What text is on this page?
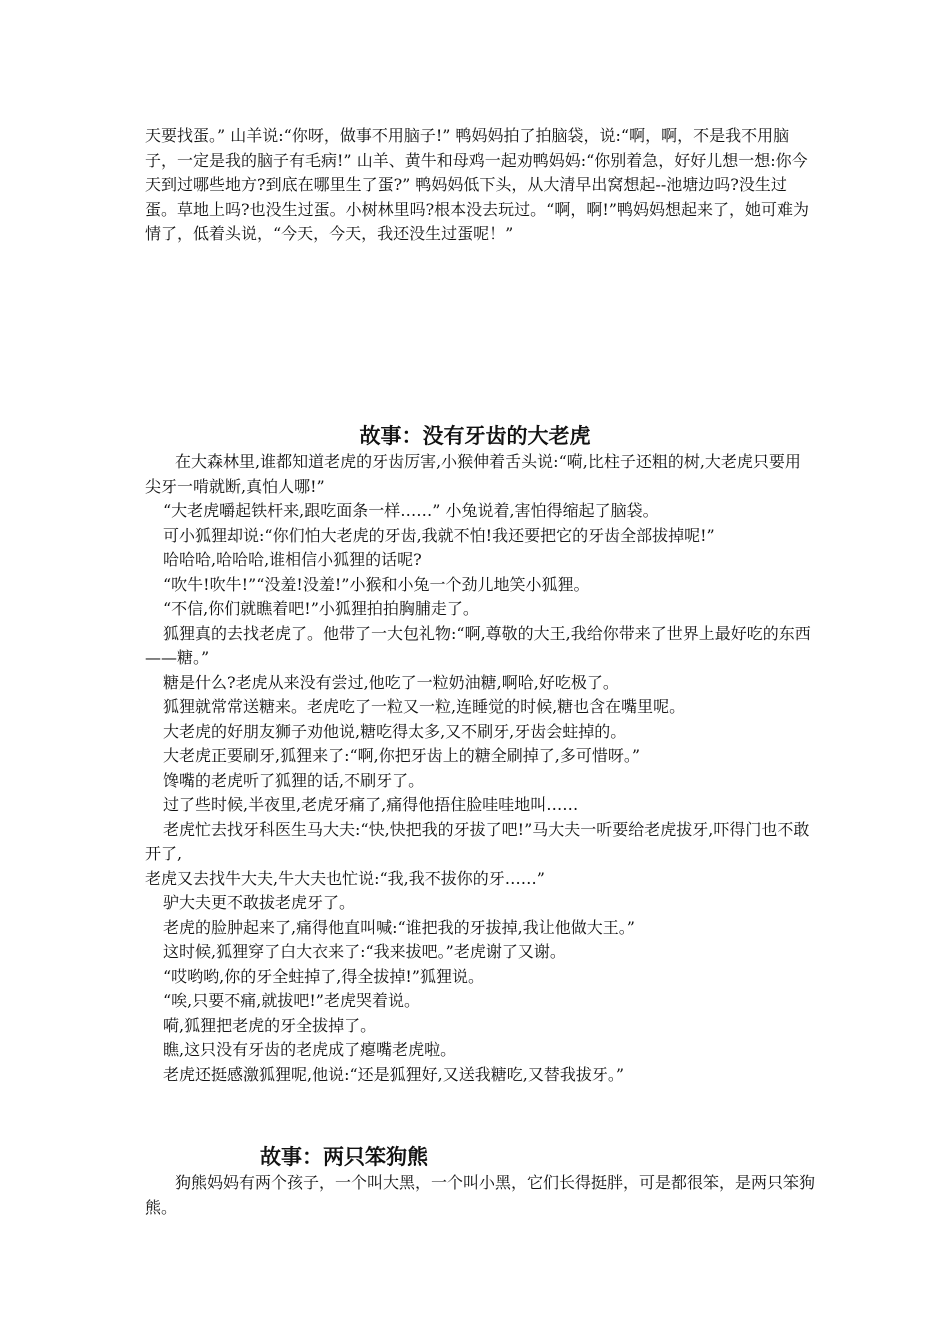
天要找蛋。” 山羊说:“你呀，做事不用脑子!” 鸭妈妈拍了拍脑袋，说:“啊，啊，不是我不用脑子，一定是我的脑子有毛病!” 山羊、黄牛和母鸡一起劝鸭妈妈:“你别着急，好好儿想一想:你今天到过哪些地方?到底在哪里生了蛋?” 鸭妈妈低下头，从大清早出窝想起--池塘边吗?没生过蛋。草地上吗?也没生过蛋。小树林里吗?根本没去玩过。“啊，啊!”鸭妈妈想起来了，她可难为情了，低着头说，“今天，今天，我还没生过蛋呢！”

故事：没有牙齿的大老虎

在大森林里,谁都知道老虎的牙齿厉害,小猴伸着舌头说:“嗬,比柱子还粗的树,大老虎只要用尖牙一啃就断,真怕人哪!”

“大老虎嚼起铁杆来,跟吃面条一样……” 小兔说着,害怕得缩起了脑袋。

可小狐狸却说:“你们怕大老虎的牙齿,我就不怕!我还要把它的牙齿全部拔掉呢!”

哈哈哈,哈哈哈,谁相信小狐狸的话呢?

“吹牛!吹牛!”“没羞!没羞!”小猴和小兔一个劲儿地笑小狐狸。

“不信,你们就瞧着吧!”小狐狸拍拍胸脯走了。

狐狸真的去找老虎了。他带了一大包礼物:“啊,尊敬的大王,我给你带来了世界上最好吃的东西——糖。”

糖是什么?老虎从来没有尝过,他吃了一粒奶油糖,啊哈,好吃极了。

狐狸就常常送糖来。老虎吃了一粒又一粒,连睡觉的时候,糖也含在嘴里呢。

大老虎的好朋友狮子劝他说,糖吃得太多,又不刷牙,牙齿会蛀掉的。

大老虎正要刷牙,狐狸来了:“啊,你把牙齿上的糖全刷掉了,多可惜呀。”

馋嘴的老虎听了狐狸的话,不刷牙了。

过了些时候,半夜里,老虎牙痛了,痛得他捂住脸哇哇地叫……

老虎忙去找牙科医生马大夫:“快,快把我的牙拔了吧!”马大夫一听要给老虎拔牙,吓得门也不敢开了,

老虎又去找牛大夫,牛大夫也忙说:“我,我不拔你的牙……”

驴大夫更不敢拔老虎牙了。

老虎的脸肿起来了,痛得他直叫喊:“谁把我的牙拔掉,我让他做大王。”

这时候,狐狸穿了白大衣来了:“我来拔吧。”老虎谢了又谢。

“哎哟哟,你的牙全蛀掉了,得全拔掉!”狐狸说。

“唉,只要不痛,就拔吧!”老虎哭着说。

嗬,狐狸把老虎的牙全拔掉了。

瞧,这只没有牙齿的老虎成了瘪嘴老虎啦。

老虎还挺感激狐狸呢,他说:“还是狐狸好,又送我糖吃,又替我拔牙。”

故事：两只笨狗熊

狗熊妈妈有两个孩子，一个叫大黑，一个叫小黑，它们长得挺胖，可是都很笨，是两只笨狗熊。
